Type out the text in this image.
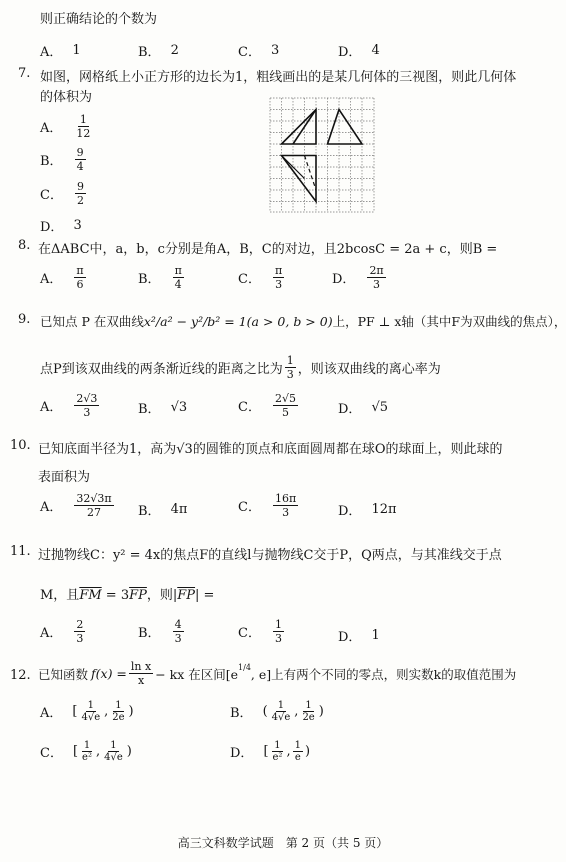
则正确结论的个数为
A． 1	B． 2	C． 3	D． 4
7. 如图，网格纸上小正方形的边长为1，粗线画出的是某几何体的三视图，则此几何体
的体积为
A． $\frac{1}{12}$
B． $\frac{9}{4}$
C． $\frac{9}{2}$
D． 3
8. 在ΔABC中，a，b，c分别是角A，B，C的对边，且2bcosC = 2a + c，则B =
A． $\frac{\pi}{6}$	B． $\frac{\pi}{4}$	C． $\frac{\pi}{3}$	D． $\frac{2\pi}{3}$
9. 已知点 P 在双曲线x²/a² − y²/b² = 1(a > 0, b > 0)上，PF ⊥ x轴（其中F为双曲线的焦点），
点P到该双曲线的两条渐近线的距离之比为 $\frac{1}{3}$ ，则该双曲线的离心率为
A． $\frac{2√3}{3}$	B． √3	C． $\frac{2√5}{5}$	D． √5
10. 已知底面半径为1，高为√3的圆锥的顶点和底面圆周都在球O的球面上，则此球的
表面积为
A． $\frac{32√3\pi}{27}$ B． 4π	C． $\frac{16\pi}{3}$	D． 12π
11. 过抛物线C：y² = 4x的焦点F的直线l与抛物线C交于P，Q两点，与其准线交于点
M，且$\overline{FM} = 3\overline{FP}$，则$|\overline{FP}|$ =
A． $\frac{2}{3}$	B． $\frac{4}{3}$	C． $\frac{1}{3}$	D． 1
12. 已知函数 $f(x) = \frac{\text{ln x}}{x}$ − kx 在区间[$e^{1/4}$ , e]上有两个不同的零点，则实数k的取值范围为
A． [ $\frac{1}{4√e}$ , $\frac{1}{2e}$ )	B． ( $\frac{1}{4√e}$ , $\frac{1}{2e}$ )
C． [ $\frac{1}{\text{e²}}$ , $\frac{1}{4√e}$ )	D． [ $\frac{1}{\text{e²}}$ , $\frac{1}{e}$ )
高三文科数学试题　第 2 页（共 5 页）
